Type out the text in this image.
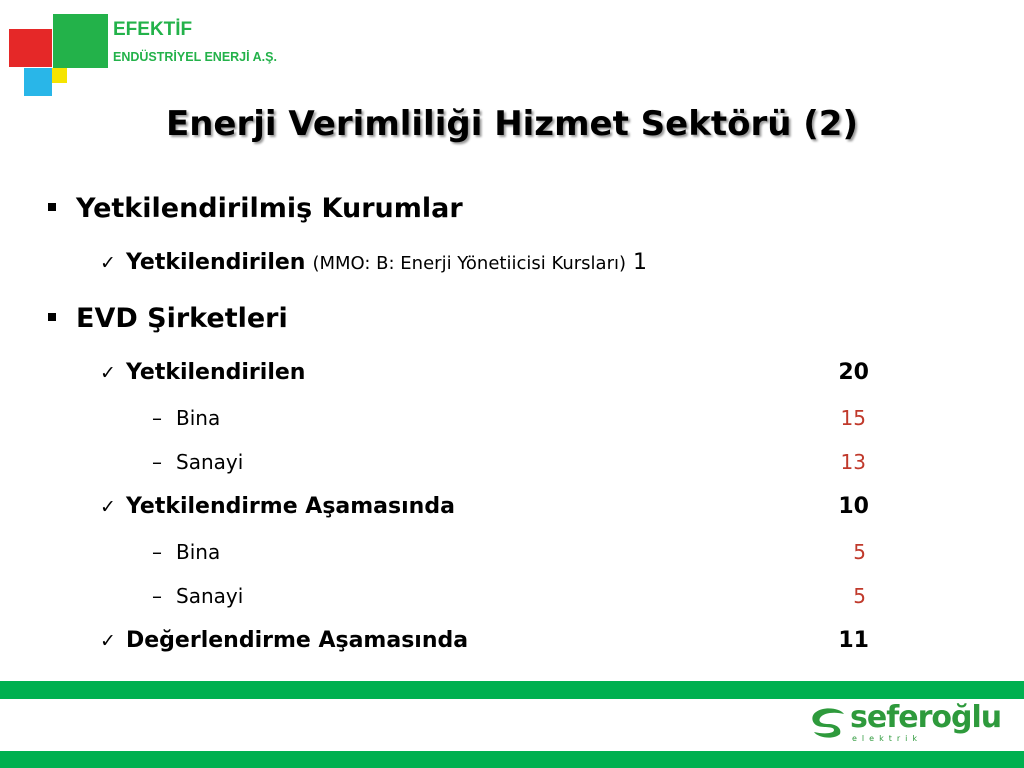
EFEKTİF
ENDÜSTRİYEL ENERJİ A.Ş.
Enerji Verimliliği Hizmet Sektörü (2)
Yetkilendirilmiş Kurumlar
✓ Yetkilendirilen (MMO: B: Enerji Yönetiicisi Kursları) 1
EVD Şirketleri
✓ Yetkilendirilen	20
– Bina	15
– Sanayi	13
✓ Yetkilendirme Aşamasında	10
– Bina	5
– Sanayi	5
✓ Değerlendirme Aşamasında	11
seferoğlu
elektrik
